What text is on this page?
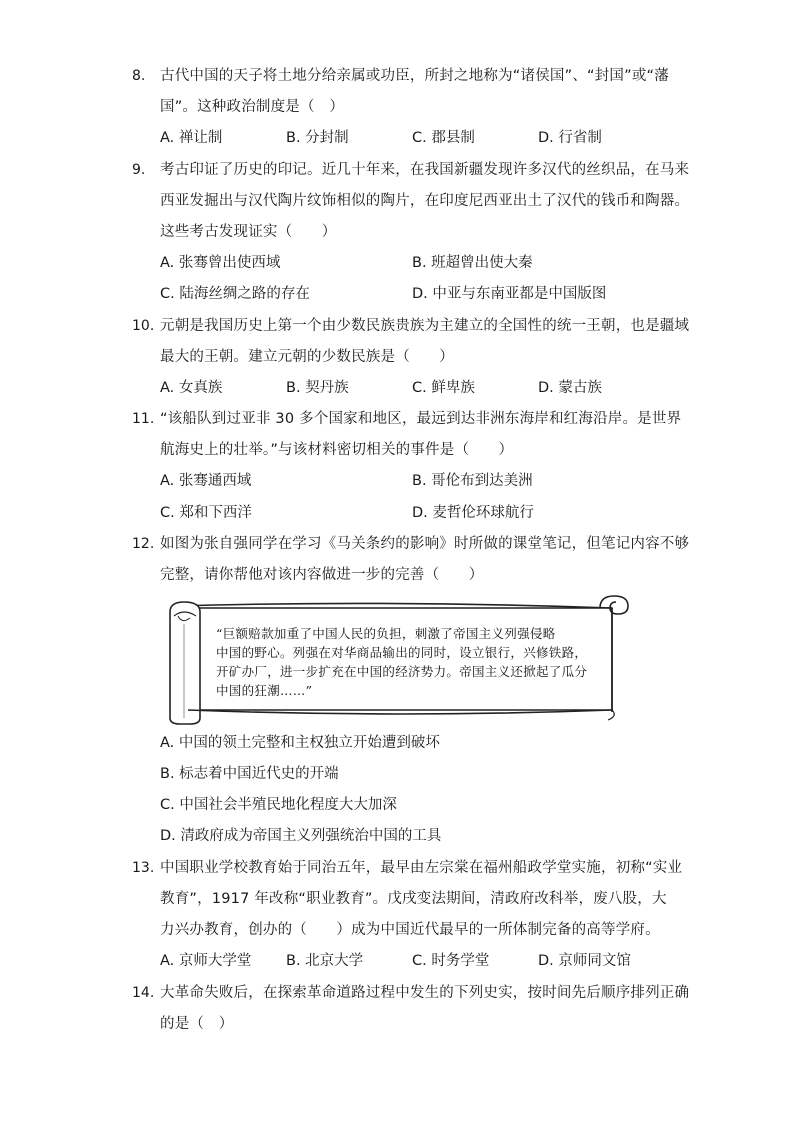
8. 古代中国的天子将土地分给亲属或功臣，所封之地称为“诸侯国”、“封国”或“藩
国”。这种政治制度是（　）
A. 禅让制	B. 分封制	C. 郡县制	D. 行省制
9. 考古印证了历史的印记。近几十年来，在我国新疆发现许多汉代的丝织品，在马来
西亚发掘出与汉代陶片纹饰相似的陶片，在印度尼西亚出土了汉代的钱币和陶器。
这些考古发现证实（　　）
A. 张骞曾出使西域	B. 班超曾出使大秦
C. 陆海丝绸之路的存在	D. 中亚与东南亚都是中国版图
10. 元朝是我国历史上第一个由少数民族贵族为主建立的全国性的统一王朝，也是疆域
最大的王朝。建立元朝的少数民族是（　　）
A. 女真族	B. 契丹族	C. 鲜卑族	D. 蒙古族
11. “该船队到过亚非 30 多个国家和地区，最远到达非洲东海岸和红海沿岸。是世界
航海史上的壮举。”与该材料密切相关的事件是（　　）
A. 张骞通西域	B. 哥伦布到达美洲
C. 郑和下西洋	D. 麦哲伦环球航行
12. 如图为张自强同学在学习《马关条约的影响》时所做的课堂笔记，但笔记内容不够
完整，请你帮他对该内容做进一步的完善（　　）
“巨额赔款加重了中国人民的负担，刺激了帝国主义列强侵略
中国的野心。列强在对华商品输出的同时，设立银行，兴修铁路，
开矿办厂，进一步扩充在中国的经济势力。帝国主义还掀起了瓜分
中国的狂潮……”
A. 中国的领土完整和主权独立开始遭到破坏
B. 标志着中国近代史的开端
C. 中国社会半殖民地化程度大大加深
D. 清政府成为帝国主义列强统治中国的工具
13. 中国职业学校教育始于同治五年，最早由左宗棠在福州船政学堂实施，初称“实业
教育”，1917 年改称“职业教育”。戊戌变法期间，清政府改科举，废八股，大
力兴办教育，创办的（　　）成为中国近代最早的一所体制完备的高等学府。
A. 京师大学堂 B. 北京大学	C. 时务学堂	D. 京师同文馆
14. 大革命失败后，在探索革命道路过程中发生的下列史实，按时间先后顺序排列正确
的是（　）
